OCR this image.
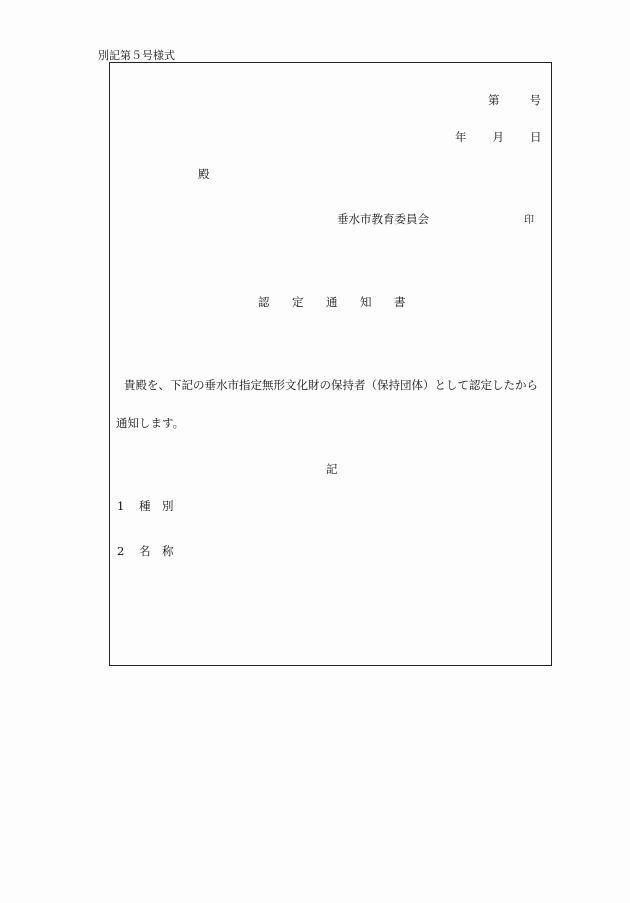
別記第５号様式
第 号
年 月 日
殿
垂水市教育委員会	印
認 定 通 知 書
貴殿を、下記の垂水市指定無形文化財の保持者（保持団体）として認定したから
通知します。
記
1 種　別
2 名　称
